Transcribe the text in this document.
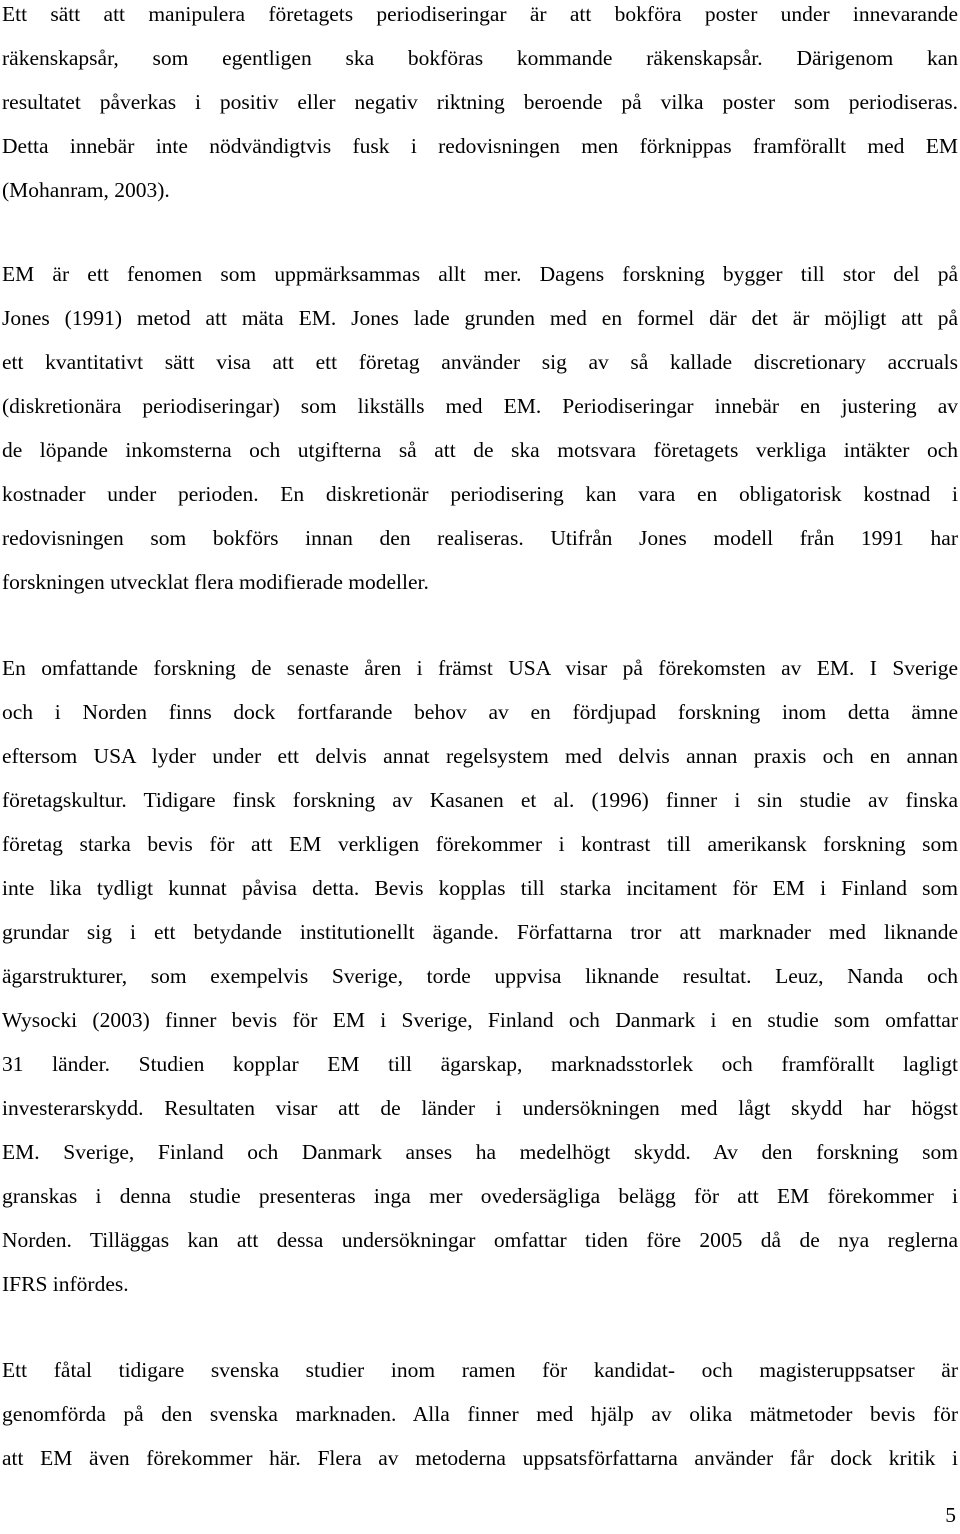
Ett sätt att manipulera företagets periodiseringar är att bokföra poster under innevarande
räkenskapsår, som egentligen ska bokföras kommande räkenskapsår. Därigenom kan
resultatet påverkas i positiv eller negativ riktning beroende på vilka poster som periodiseras.
Detta innebär inte nödvändigtvis fusk i redovisningen men förknippas framförallt med EM
(Mohanram, 2003).
EM är ett fenomen som uppmärksammas allt mer. Dagens forskning bygger till stor del på
Jones (1991) metod att mäta EM. Jones lade grunden med en formel där det är möjligt att på
ett kvantitativt sätt visa att ett företag använder sig av så kallade discretionary accruals
(diskretionära periodiseringar) som likställs med EM. Periodiseringar innebär en justering av
de löpande inkomsterna och utgifterna så att de ska motsvara företagets verkliga intäkter och
kostnader under perioden. En diskretionär periodisering kan vara en obligatorisk kostnad i
redovisningen som bokförs innan den realiseras. Utifrån Jones modell från 1991 har
forskningen utvecklat flera modifierade modeller.
En omfattande forskning de senaste åren i främst USA visar på förekomsten av EM. I Sverige
och i Norden finns dock fortfarande behov av en fördjupad forskning inom detta ämne
eftersom USA lyder under ett delvis annat regelsystem med delvis annan praxis och en annan
företagskultur. Tidigare finsk forskning av Kasanen et al. (1996) finner i sin studie av finska
företag starka bevis för att EM verkligen förekommer i kontrast till amerikansk forskning som
inte lika tydligt kunnat påvisa detta. Bevis kopplas till starka incitament för EM i Finland som
grundar sig i ett betydande institutionellt ägande. Författarna tror att marknader med liknande
ägarstrukturer, som exempelvis Sverige, torde uppvisa liknande resultat. Leuz, Nanda och
Wysocki (2003) finner bevis för EM i Sverige, Finland och Danmark i en studie som omfattar
31 länder. Studien kopplar EM till ägarskap, marknadsstorlek och framförallt lagligt
investerarskydd. Resultaten visar att de länder i undersökningen med lågt skydd har högst
EM. Sverige, Finland och Danmark anses ha medelhögt skydd. Av den forskning som
granskas i denna studie presenteras inga mer ovedersägliga belägg för att EM förekommer i
Norden. Tilläggas kan att dessa undersökningar omfattar tiden före 2005 då de nya reglerna
IFRS infördes.
Ett fåtal tidigare svenska studier inom ramen för kandidat- och magisteruppsatser är
genomförda på den svenska marknaden. Alla finner med hjälp av olika mätmetoder bevis för
att EM även förekommer här. Flera av metoderna uppsatsförfattarna använder får dock kritik i
5
